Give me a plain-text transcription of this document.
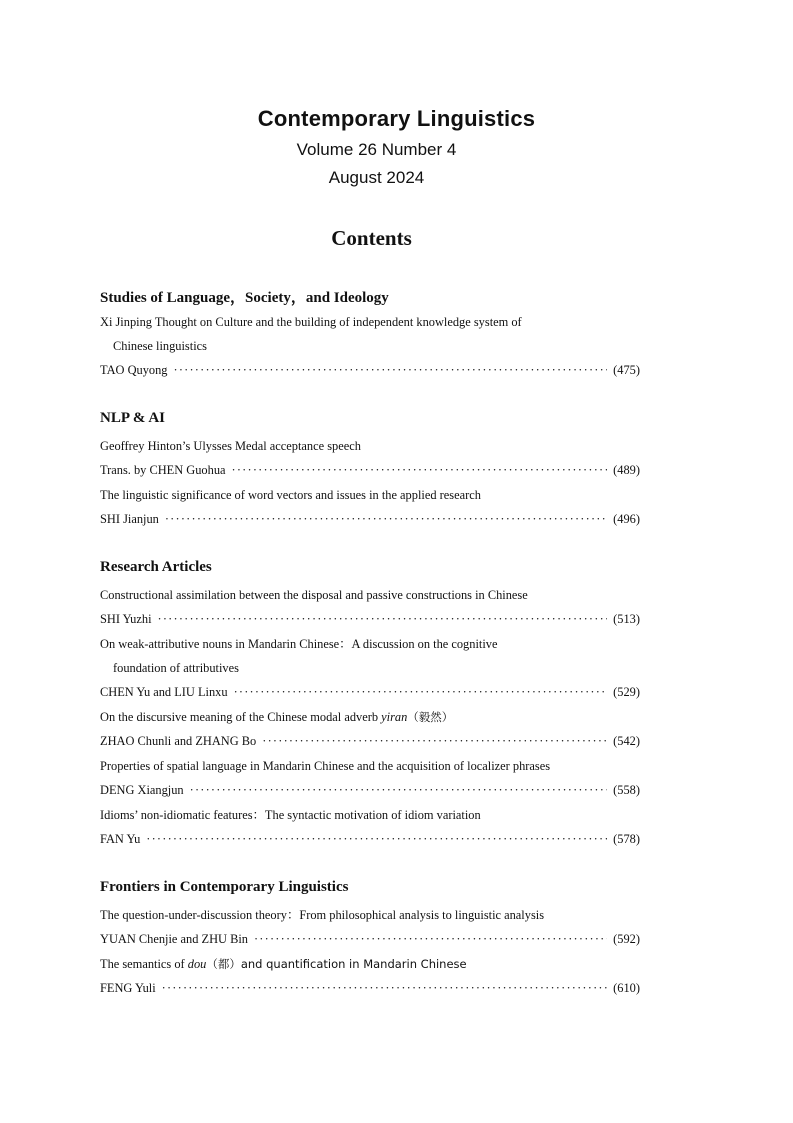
Contemporary Linguistics
Volume 26 Number 4
August 2024
Contents
Studies of Language，Society，and Ideology
Xi Jinping Thought on Culture and the building of independent knowledge system of
Chinese linguistics
TAO Quyong ·····	(475)
NLP & AI
Geoffrey Hinton’s Ulysses Medal acceptance speech
Trans. by CHEN Guohua ·····	(489)
The linguistic significance of word vectors and issues in the applied research
SHI Jianjun ·····	(496)
Research Articles
Constructional assimilation between the disposal and passive constructions in Chinese
SHI Yuzhi ·····	(513)
On weak-attributive nouns in Mandarin Chinese：A discussion on the cognitive
foundation of attributives
CHEN Yu and LIU Linxu ·····	(529)
On the discursive meaning of the Chinese modal adverb yiran（毅然）
ZHAO Chunli and ZHANG Bo ·····	(542)
Properties of spatial language in Mandarin Chinese and the acquisition of localizer phrases
DENG Xiangjun ·····	(558)
Idioms’ non-idiomatic features：The syntactic motivation of idiom variation
FAN Yu ·····	(578)
Frontiers in Contemporary Linguistics
The question-under-discussion theory：From philosophical analysis to linguistic analysis
YUAN Chenjie and ZHU Bin ·····	(592)
The semantics of dou（都）and quantification in Mandarin Chinese
FENG Yuli ·····	(610)
